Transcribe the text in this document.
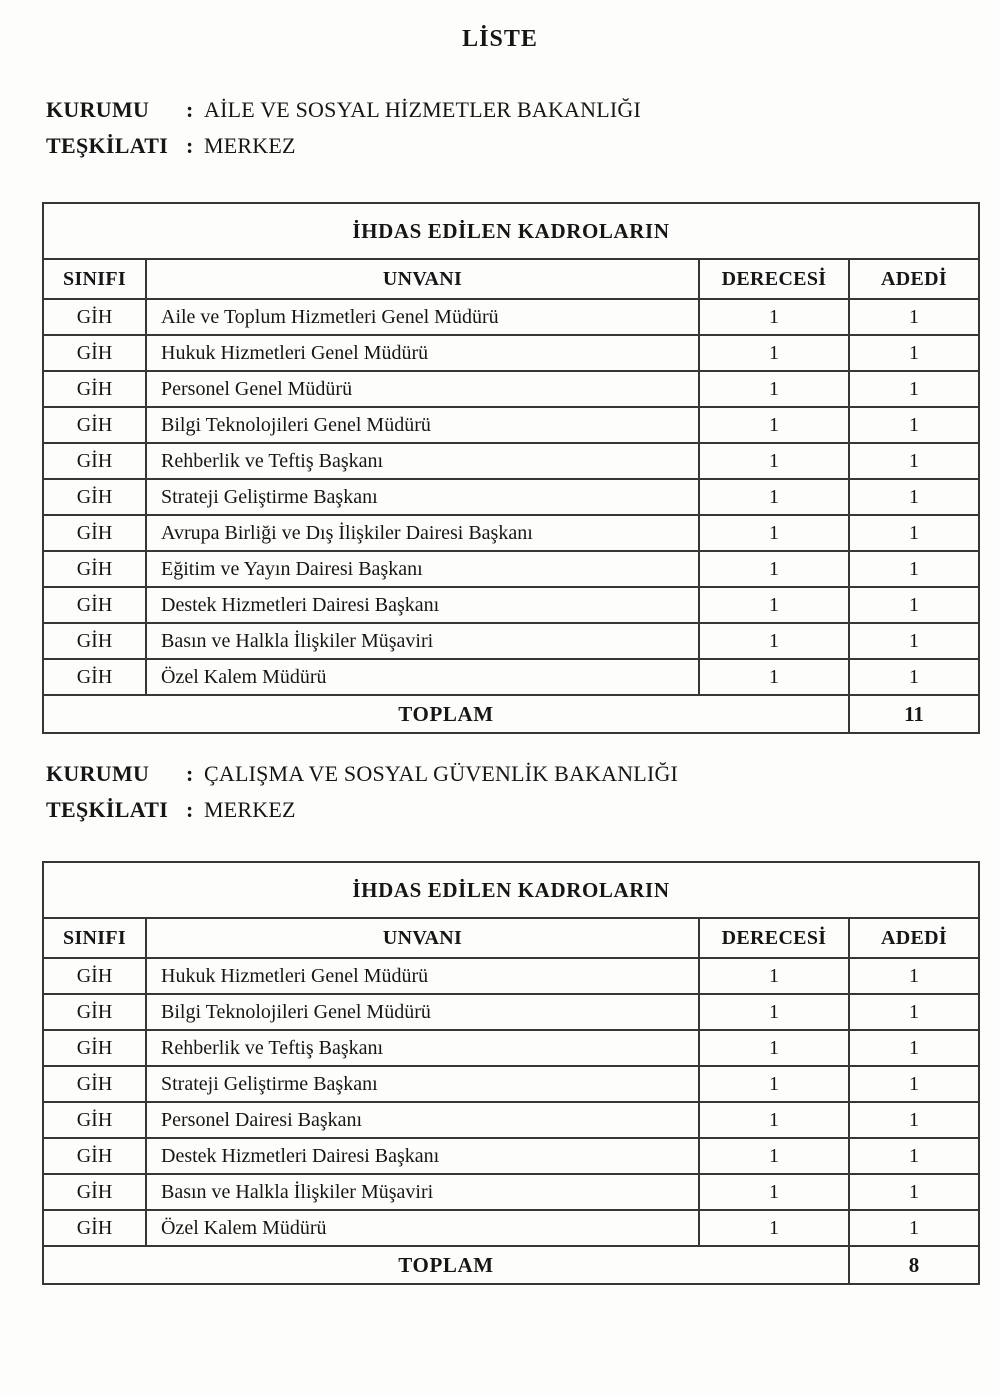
LİSTE
KURUMU	: AİLE VE SOSYAL HİZMETLER BAKANLIĞI
TEŞKİLATI : MERKEZ
İHDAS EDİLEN KADROLARIN			
SINIFI	UNVANI	DERECESİ	ADEDİ
GİH	Aile ve Toplum Hizmetleri Genel Müdürü	1	1
GİH	Hukuk Hizmetleri Genel Müdürü	1	1
GİH	Personel Genel Müdürü	1	1
GİH	Bilgi Teknolojileri Genel Müdürü	1	1
GİH	Rehberlik ve Teftiş Başkanı	1	1
GİH	Strateji Geliştirme Başkanı	1	1
GİH	Avrupa Birliği ve Dış İlişkiler Dairesi Başkanı	1	1
GİH	Eğitim ve Yayın Dairesi Başkanı	1	1
GİH	Destek Hizmetleri Dairesi Başkanı	1	1
GİH	Basın ve Halkla İlişkiler Müşaviri	1	1
GİH	Özel Kalem Müdürü	1	1
TOPLAM			11
KURUMU	: ÇALIŞMA VE SOSYAL GÜVENLİK BAKANLIĞI
TEŞKİLATI : MERKEZ
İHDAS EDİLEN KADROLARIN			
SINIFI	UNVANI	DERECESİ	ADEDİ
GİH	Hukuk Hizmetleri Genel Müdürü	1	1
GİH	Bilgi Teknolojileri Genel Müdürü	1	1
GİH	Rehberlik ve Teftiş Başkanı	1	1
GİH	Strateji Geliştirme Başkanı	1	1
GİH	Personel Dairesi Başkanı	1	1
GİH	Destek Hizmetleri Dairesi Başkanı	1	1
GİH	Basın ve Halkla İlişkiler Müşaviri	1	1
GİH	Özel Kalem Müdürü	1	1
TOPLAM			8
